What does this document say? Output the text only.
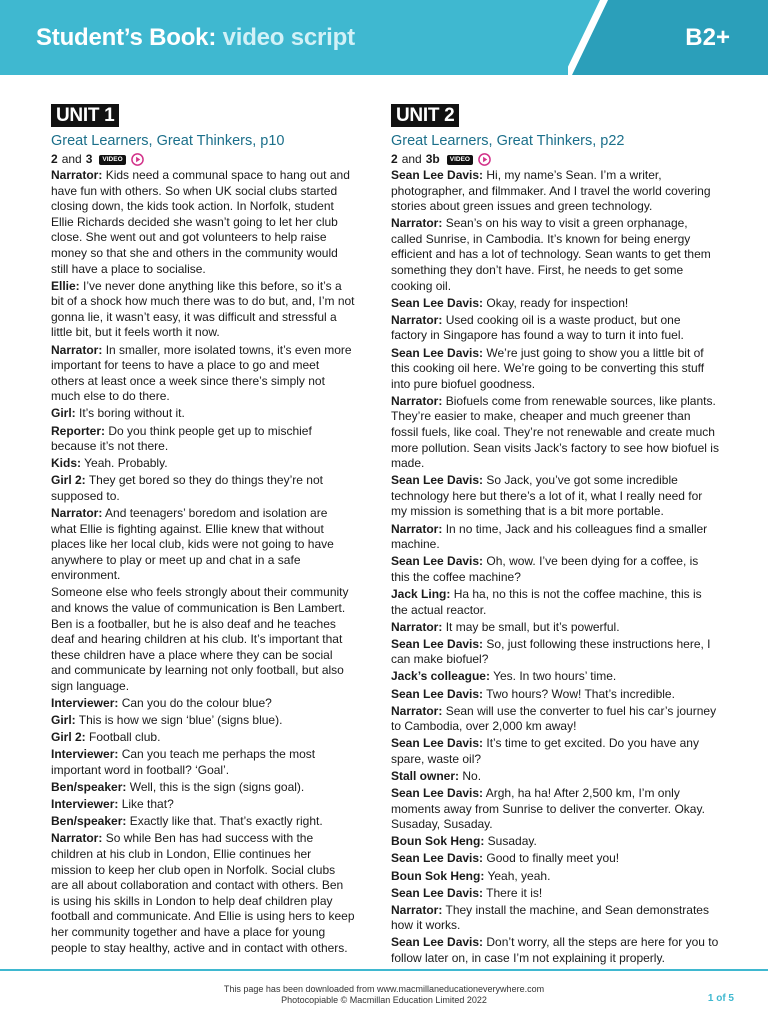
Student’s Book: video script	B2+
UNIT 1
Great Learners, Great Thinkers, p10
2 and 3	VIDEO

Narrator: Kids need a communal space to hang out and have fun with others. So when UK social clubs started closing down, the kids took action. In Norfolk, student Ellie Richards decided she wasn’t going to let her club close. She went out and got volunteers to help raise money so that she and others in the community would still have a place to socialise.

Ellie: I’ve never done anything like this before, so it’s a bit of a shock how much there was to do but, and, I’m not gonna lie, it wasn’t easy, it was difficult and stressful a little bit, but it feels worth it now.

Narrator: In smaller, more isolated towns, it’s even more important for teens to have a place to go and meet others at least once a week since there’s simply not much else to do there.

Girl: It’s boring without it.

Reporter: Do you think people get up to mischief because it’s not there.

Kids: Yeah. Probably.

Girl 2: They get bored so they do things they’re not supposed to.

Narrator: And teenagers’ boredom and isolation are what Ellie is fighting against. Ellie knew that without places like her local club, kids were not going to have anywhere to play or meet up and chat in a safe environment.

Someone else who feels strongly about their community and knows the value of communication is Ben Lambert. Ben is a footballer, but he is also deaf and he teaches deaf and hearing children at his club. It’s important that these children have a place where they can be social and communicate by learning not only football, but also sign language.

Interviewer: Can you do the colour blue?

Girl: This is how we sign ‘blue’ (signs blue).

Girl 2: Football club.

Interviewer: Can you teach me perhaps the most important word in football? ‘Goal’.

Ben/speaker: Well, this is the sign (signs goal).

Interviewer: Like that?

Ben/speaker: Exactly like that. That’s exactly right.

Narrator: So while Ben has had success with the children at his club in London, Ellie continues her mission to keep her club open in Norfolk. Social clubs are all about collaboration and contact with others. Ben is using his skills in London to help deaf children play football and communicate. And Ellie is using hers to keep her community together and have a place for young people to stay healthy, active and in contact with others.

UNIT 2
Great Learners, Great Thinkers, p22
2 and 3b	VIDEO

Sean Lee Davis: Hi, my name’s Sean. I’m a writer, photographer, and filmmaker. And I travel the world covering stories about green issues and green technology.

Narrator: Sean’s on his way to visit a green orphanage, called Sunrise, in Cambodia. It’s known for being energy efficient and has a lot of technology. Sean wants to get them something they don’t have. First, he needs to get some cooking oil.

Sean Lee Davis: Okay, ready for inspection!

Narrator: Used cooking oil is a waste product, but one factory in Singapore has found a way to turn it into fuel.

Sean Lee Davis: We’re just going to show you a little bit of this cooking oil here. We’re going to be converting this stuff into pure biofuel goodness.

Narrator: Biofuels come from renewable sources, like plants. They’re easier to make, cheaper and much greener than fossil fuels, like coal. They’re not renewable and create much more pollution. Sean visits Jack’s factory to see how biofuel is made.

Sean Lee Davis: So Jack, you’ve got some incredible technology here but there’s a lot of it, what I really need for my mission is something that is a bit more portable.

Narrator: In no time, Jack and his colleagues find a smaller machine.

Sean Lee Davis: Oh, wow. I’ve been dying for a coffee, is this the coffee machine?

Jack Ling: Ha ha, no this is not the coffee machine, this is the actual reactor.

Narrator: It may be small, but it’s powerful.

Sean Lee Davis: So, just following these instructions here, I can make biofuel?

Jack’s colleague: Yes. In two hours’ time.

Sean Lee Davis: Two hours? Wow! That’s incredible.

Narrator: Sean will use the converter to fuel his car’s journey to Cambodia, over 2,000 km away!

Sean Lee Davis: It’s time to get excited. Do you have any spare, waste oil?

Stall owner: No.

Sean Lee Davis: Argh, ha ha! After 2,500 km, I’m only moments away from Sunrise to deliver the converter. Okay. Susaday, Susaday.

Boun Sok Heng: Susaday.

Sean Lee Davis: Good to finally meet you!

Boun Sok Heng: Yeah, yeah.

Sean Lee Davis: There it is!

Narrator: They install the machine, and Sean demonstrates how it works.

Sean Lee Davis: Don’t worry, all the steps are here for you to follow later on, in case I’m not explaining it properly.

This page has been downloaded from www.macmillaneducationeverywhere.com
Photocopiable © Macmillan Education Limited 2022	1 of 5
